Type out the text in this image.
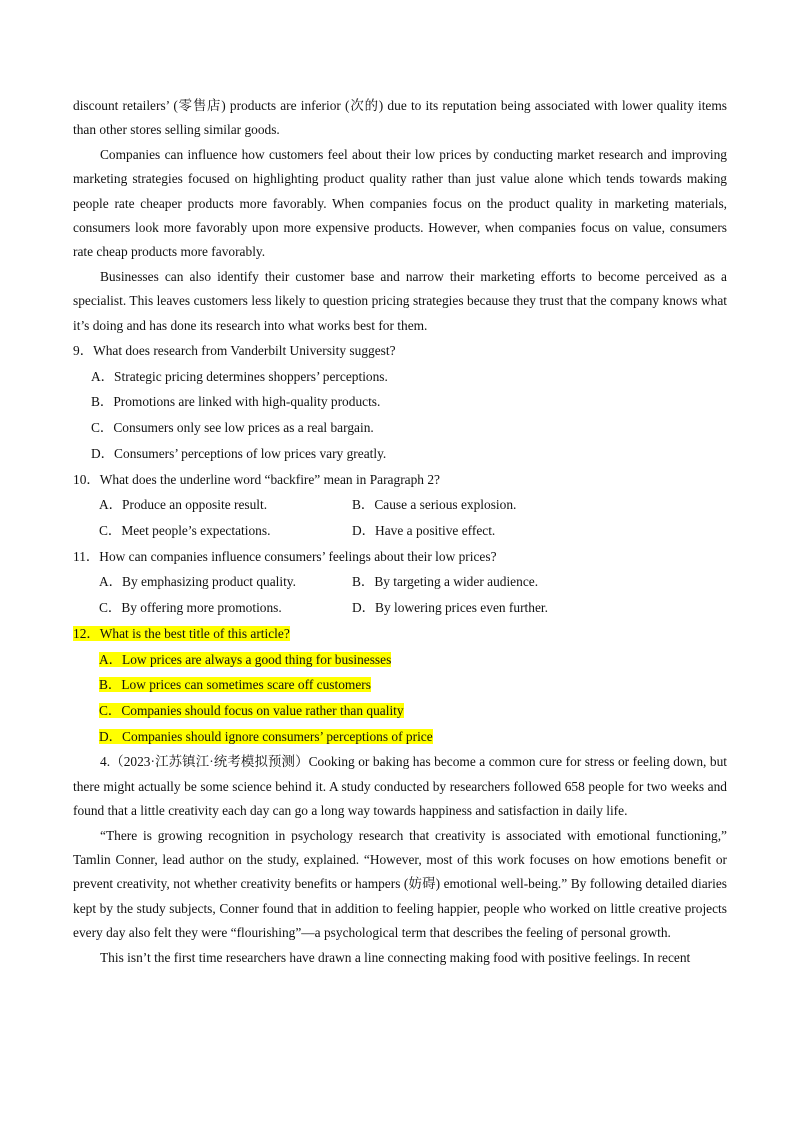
discount retailers’ (零售店) products are inferior (次的) due to its reputation being associated with lower quality items than other stores selling similar goods.

Companies can influence how customers feel about their low prices by conducting market research and improving marketing strategies focused on highlighting product quality rather than just value alone which tends towards making people rate cheaper products more favorably. When companies focus on the product quality in marketing materials, consumers look more favorably upon more expensive products. However, when companies focus on value, consumers rate cheap products more favorably.

Businesses can also identify their customer base and narrow their marketing efforts to become perceived as a specialist. This leaves customers less likely to question pricing strategies because they trust that the company knows what it’s doing and has done its research into what works best for them.

9．What does research from Vanderbilt University suggest?

A．Strategic pricing determines shoppers’ perceptions.

B．Promotions are linked with high-quality products.

C．Consumers only see low prices as a real bargain.

D．Consumers’ perceptions of low prices vary greatly.

10．What does the underline word “backfire” mean in Paragraph 2?

A．Produce an opposite result.	B．Cause a serious explosion.
C．Meet people’s expectations.	D．Have a positive effect.

11．How can companies influence consumers’ feelings about their low prices?

A．By emphasizing product quality.	B．By targeting a wider audience.
C．By offering more promotions.	D．By lowering prices even further.

12．What is the best title of this article?

A．Low prices are always a good thing for businesses

B．Low prices can sometimes scare off customers

C．Companies should focus on value rather than quality

D．Companies should ignore consumers’ perceptions of price

4.（2023·江苏镇江·统考模拟预测）Cooking or baking has become a common cure for stress or feeling down, but there might actually be some science behind it. A study conducted by researchers followed 658 people for two weeks and found that a little creativity each day can go a long way towards happiness and satisfaction in daily life.

“There is growing recognition in psychology research that creativity is associated with emotional functioning,” Tamlin Conner, lead author on the study, explained. “However, most of this work focuses on how emotions benefit or prevent creativity, not whether creativity benefits or hampers (妨碍) emotional well-being.” By following detailed diaries kept by the study subjects, Conner found that in addition to feeling happier, people who worked on little creative projects every day also felt they were “flourishing”—a psychological term that describes the feeling of personal growth.

This isn’t the first time researchers have drawn a line connecting making food with positive feelings. In recent
